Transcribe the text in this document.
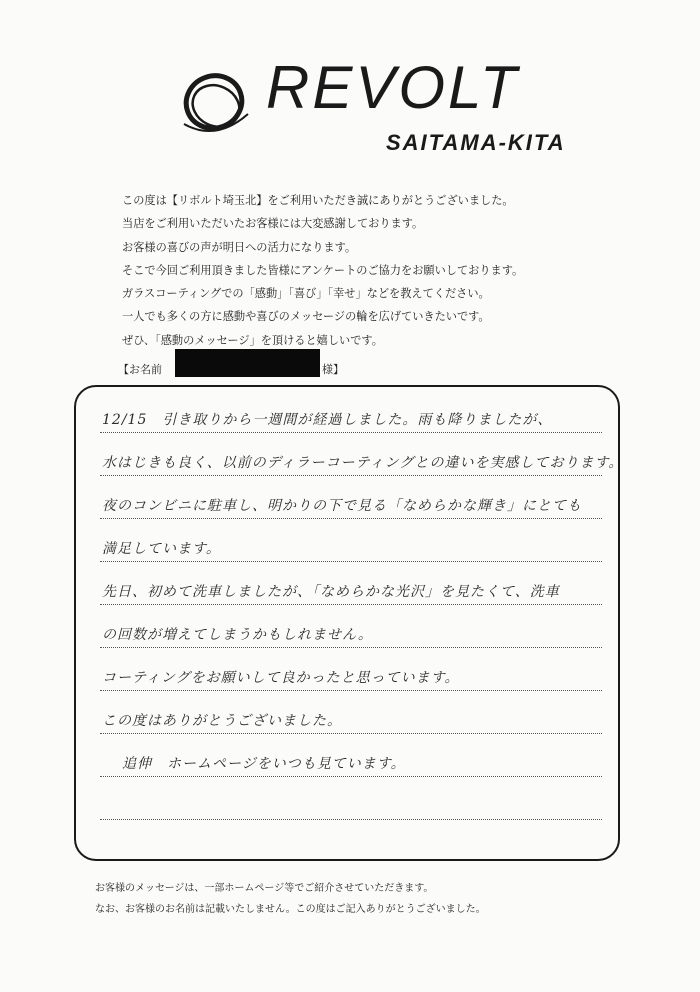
REVOLT
SAITAMA-KITA

この度は【リボルト埼玉北】をご利用いただき誠にありがとうございました。

当店をご利用いただいたお客様には大変感謝しております。

お客様の喜びの声が明日への活力になります。

そこで今回ご利用頂きました皆様にアンケートのご協力をお願いしております。

ガラスコーティングでの「感動」「喜び」「幸せ」などを教えてください。

一人でも多くの方に感動や喜びのメッセージの輪を広げていきたいです。

ぜひ、「感動のメッセージ」を頂けると嬉しいです。

【お名前	様】
12/15　引き取りから一週間が経過しました。雨も降りましたが、
水はじきも良く、以前のディラーコーティングとの違いを実感しております。
夜のコンビニに駐車し、明かりの下で見る「なめらかな輝き」にとても
満足しています。
先日、初めて洗車しましたが、「なめらかな光沢」を見たくて、洗車
の回数が増えてしまうかもしれません。
コーティングをお願いして良かったと思っています。
この度はありがとうございました。
追伸　ホームページをいつも見ています。

お客様のメッセージは、一部ホームページ等でご紹介させていただきます。

なお、お客様のお名前は記載いたしません。この度はご記入ありがとうございました。
